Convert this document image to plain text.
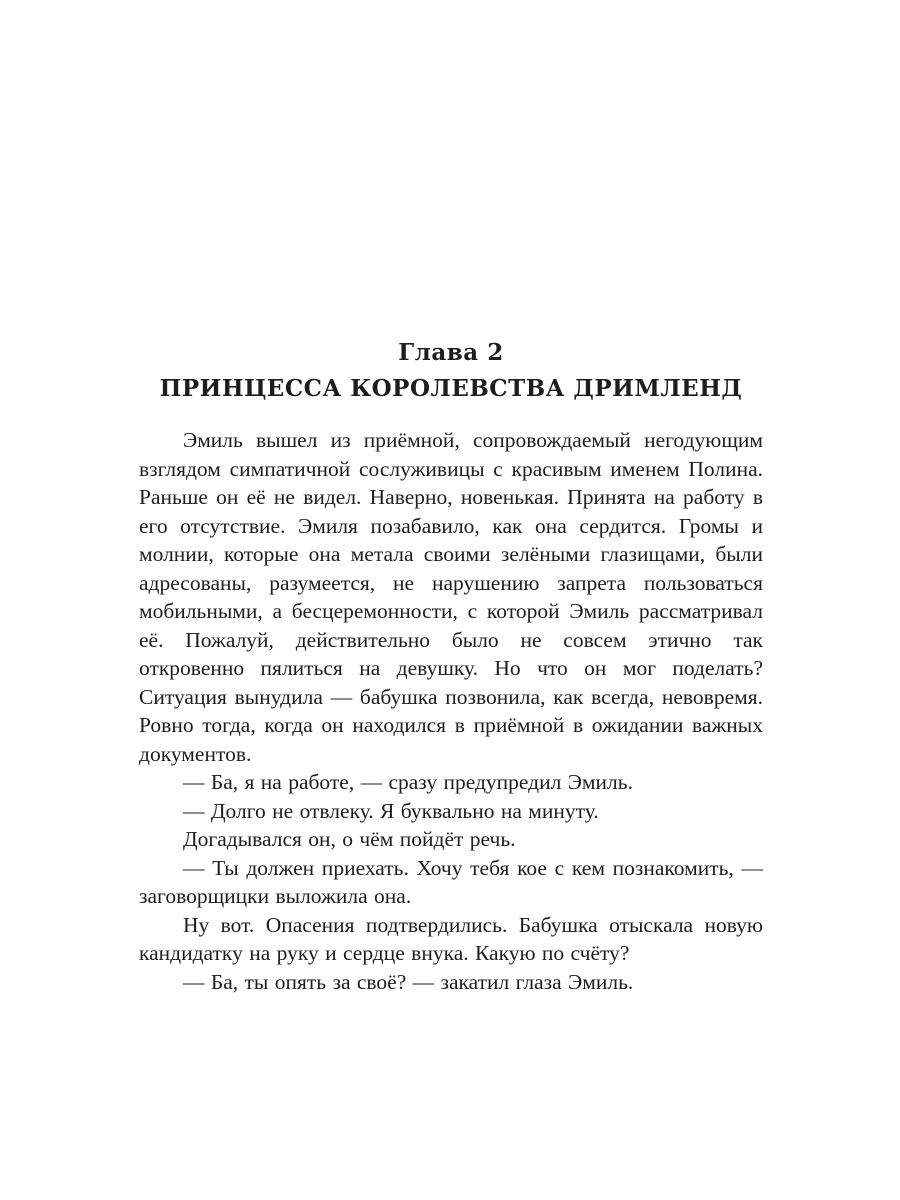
Глава 2
ПРИНЦЕССА КОРОЛЕВСТВА ДРИМЛЕНД

Эмиль вышел из приёмной, сопровождаемый негодующим взглядом симпатичной сослуживицы с красивым именем Полина. Раньше он её не видел. Наверно, новенькая. Принята на работу в его отсутствие. Эмиля позабавило, как она сердится. Громы и молнии, которые она метала своими зелёными глазищами, были адресованы, разумеется, не нарушению запрета пользоваться мобильными, а бесцеремонности, с которой Эмиль рассматривал её. Пожалуй, действительно было не совсем этично так откровенно пялиться на девушку. Но что он мог поделать? Ситуация вынудила — бабушка позвонила, как всегда, невовремя. Ровно тогда, когда он находился в приёмной в ожидании важных документов.

— Ба, я на работе, — сразу предупредил Эмиль.

— Долго не отвлеку. Я буквально на минуту.

Догадывался он, о чём пойдёт речь.

— Ты должен приехать. Хочу тебя кое с кем познакомить, — заговорщицки выложила она.

Ну вот. Опасения подтвердились. Бабушка отыскала новую кандидатку на руку и сердце внука. Какую по счёту?

— Ба, ты опять за своё? — закатил глаза Эмиль.
